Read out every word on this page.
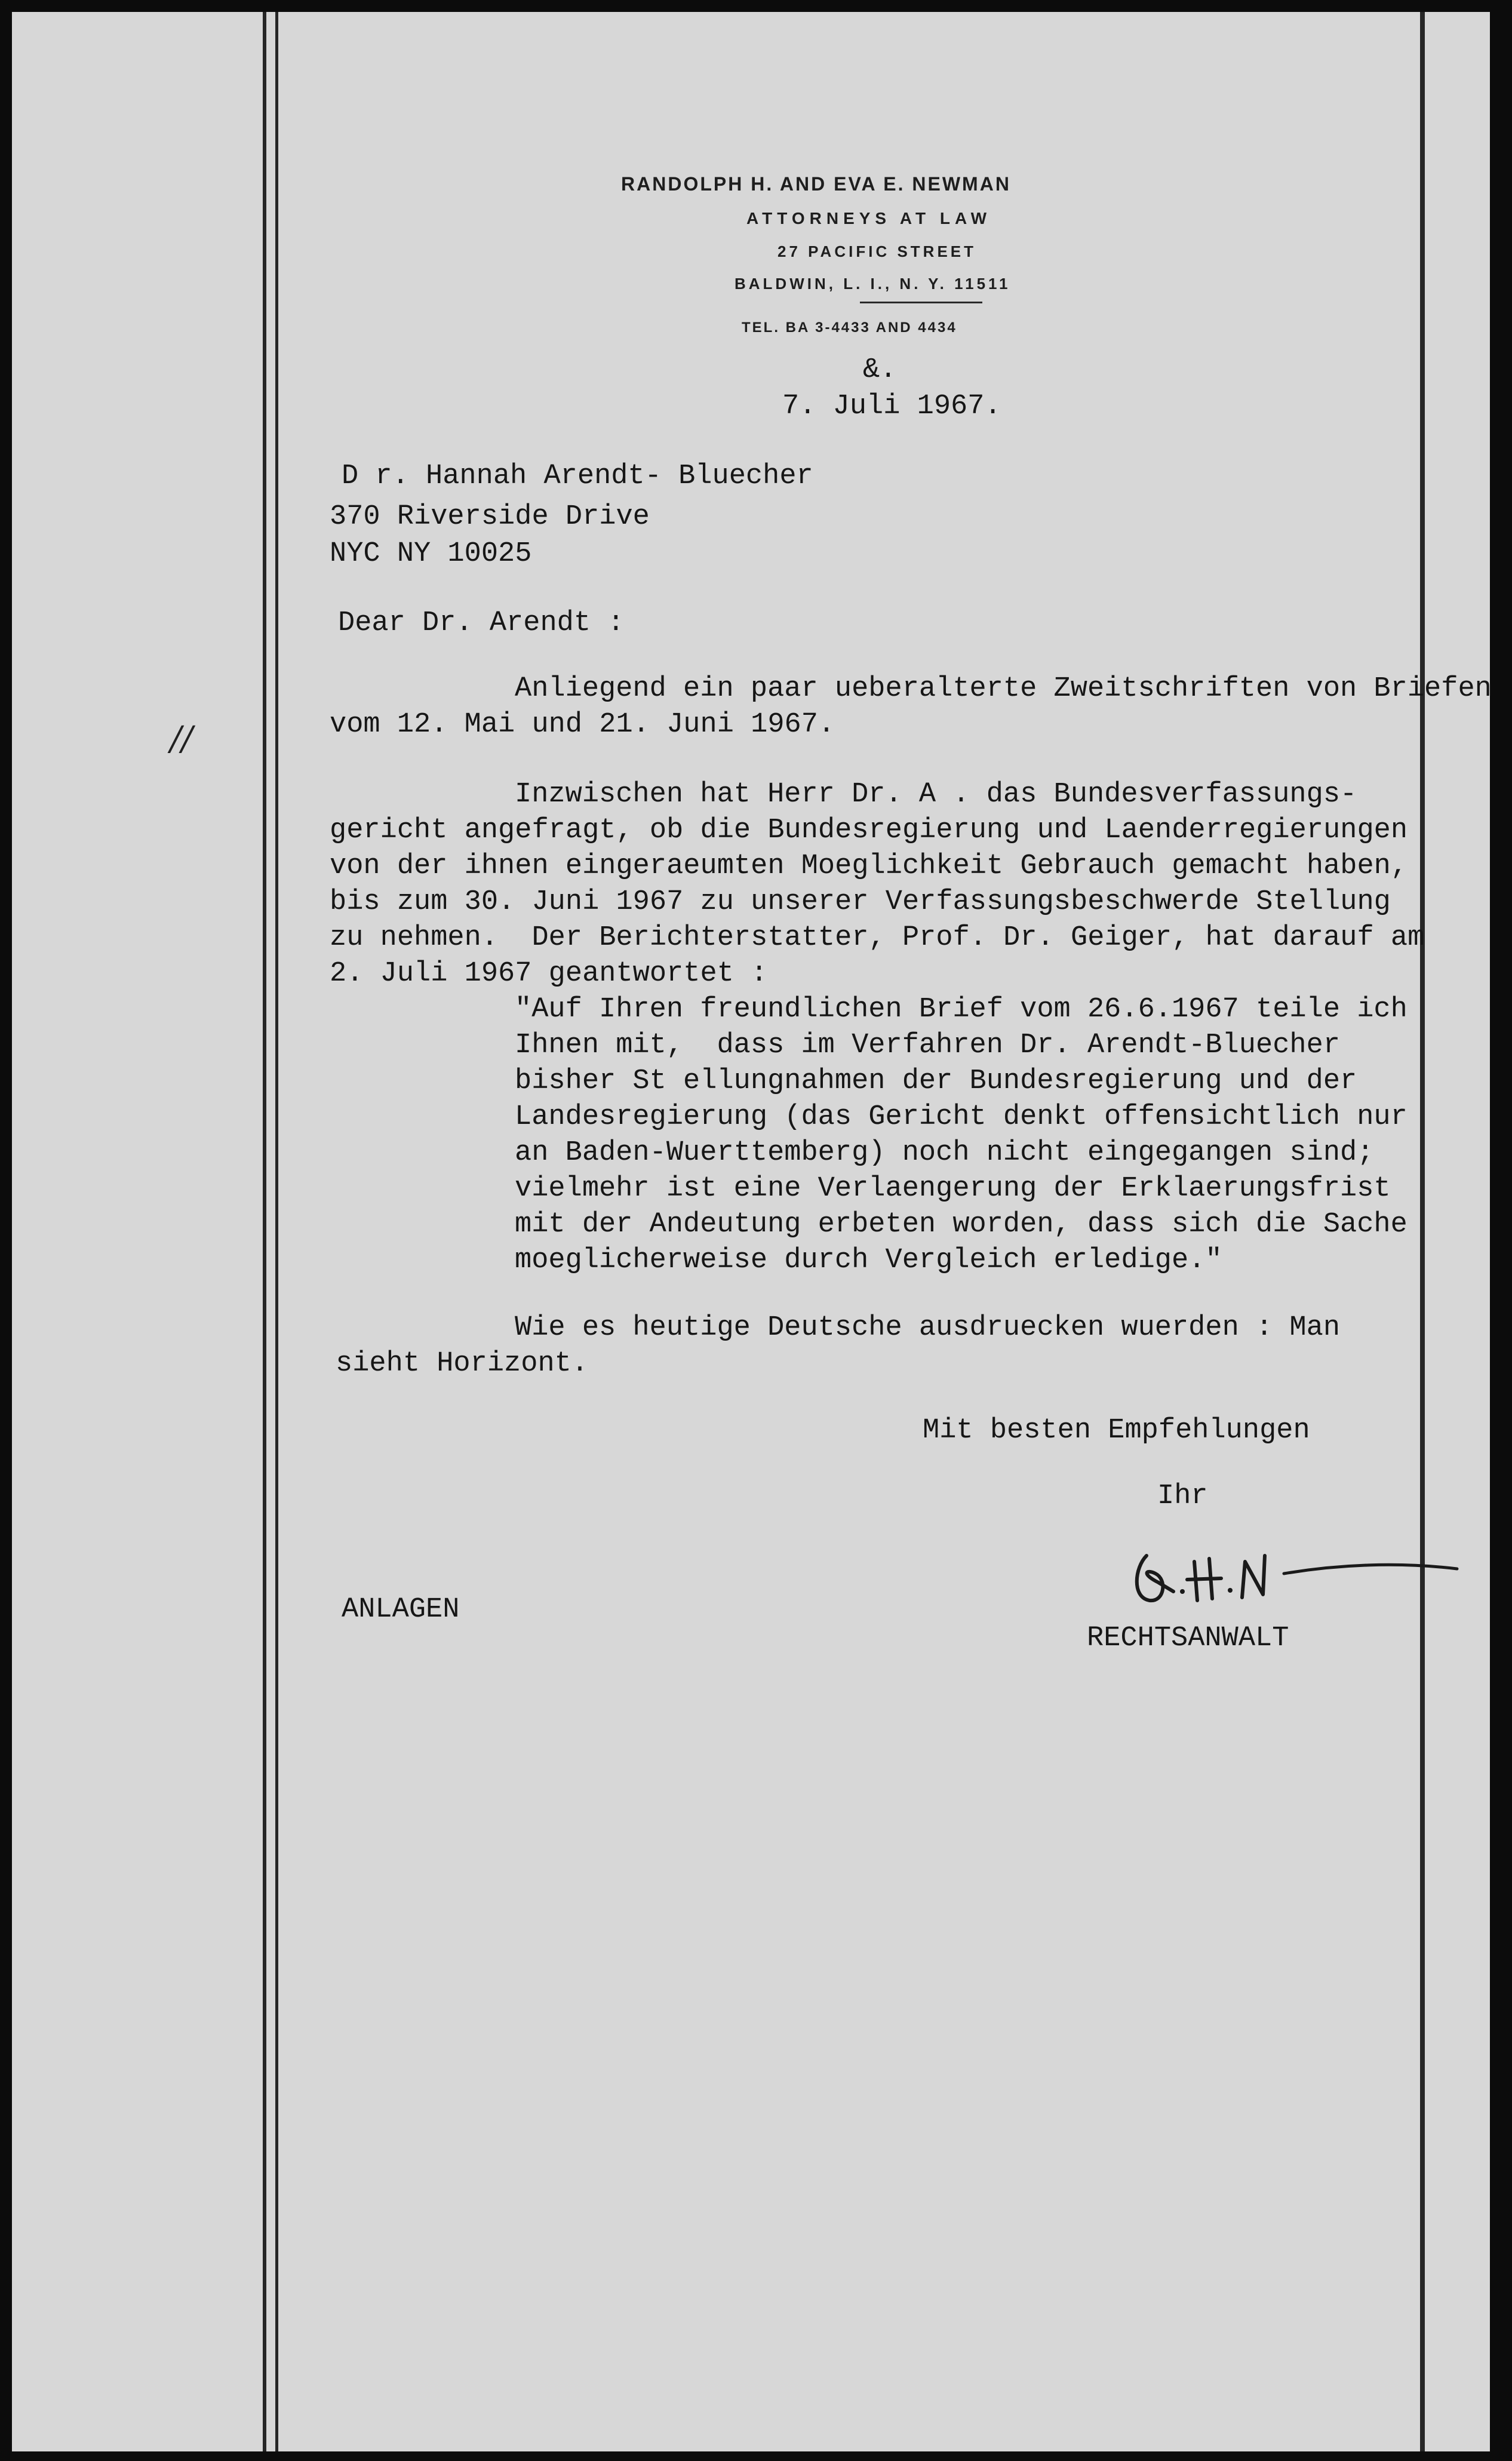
RANDOLPH H. AND EVA E. NEWMAN
ATTORNEYS AT LAW
27 PACIFIC STREET
BALDWIN, L. I., N. Y. 11511
TEL. BA 3-4433 AND 4434
&.
7. Juli 1967.
D r. Hannah Arendt- Bluecher
370 Riverside Drive
NYC NY 10025
Dear Dr. Arendt :
//
Anliegend ein paar ueberalterte Zweitschriften von Briefen
vom 12. Mai und 21. Juni 1967.
Inzwischen hat Herr Dr. A . das Bundesverfassungs-
gericht angefragt, ob die Bundesregierung und Laenderregierungen
von der ihnen eingeraeumten Moeglichkeit Gebrauch gemacht haben,
bis zum 30. Juni 1967 zu unserer Verfassungsbeschwerde Stellung
zu nehmen.  Der Berichterstatter, Prof. Dr. Geiger, hat darauf am
2. Juli 1967 geantwortet :
"Auf Ihren freundlichen Brief vom 26.6.1967 teile ich
Ihnen mit,  dass im Verfahren Dr. Arendt-Bluecher
bisher St ellungnahmen der Bundesregierung und der
Landesregierung (das Gericht denkt offensichtlich nur
an Baden-Wuerttemberg) noch nicht eingegangen sind;
vielmehr ist eine Verlaengerung der Erklaerungsfrist
mit der Andeutung erbeten worden, dass sich die Sache
moeglicherweise durch Vergleich erledige."
Wie es heutige Deutsche ausdruecken wuerden : Man
sieht Horizont.
Mit besten Empfehlungen
Ihr
ANLAGEN
RECHTSANWALT
